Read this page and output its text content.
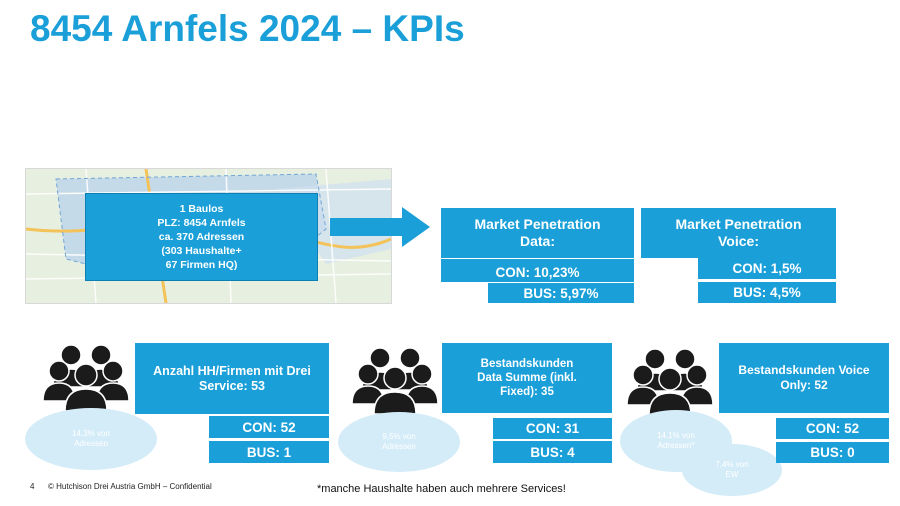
8454 Arnfels 2024 – KPIs
1 Baulos
PLZ: 8454 Arnfels
ca. 370 Adressen
(303 Haushalte+
67 Firmen HQ)
Market Penetration
Data:
CON: 10,23%
BUS: 5,97%
Market Penetration
Voice:
CON: 1,5%
BUS: 4,5%
Anzahl HH/Firmen mit Drei Service: 53
14,3% von
Adressen
CON: 52
BUS: 1
Bestandskunden
Data Summe (inkl.
Fixed): 35
9,5% von
Adressen
CON: 31
BUS: 4
Bestandskunden Voice
Only: 52
14,1% von
Adressen*
7,4% von
EW
CON: 52
BUS: 0
4 © Hutchison Drei Austria GmbH – Confidential	*manche Haushalte haben auch mehrere Services!
